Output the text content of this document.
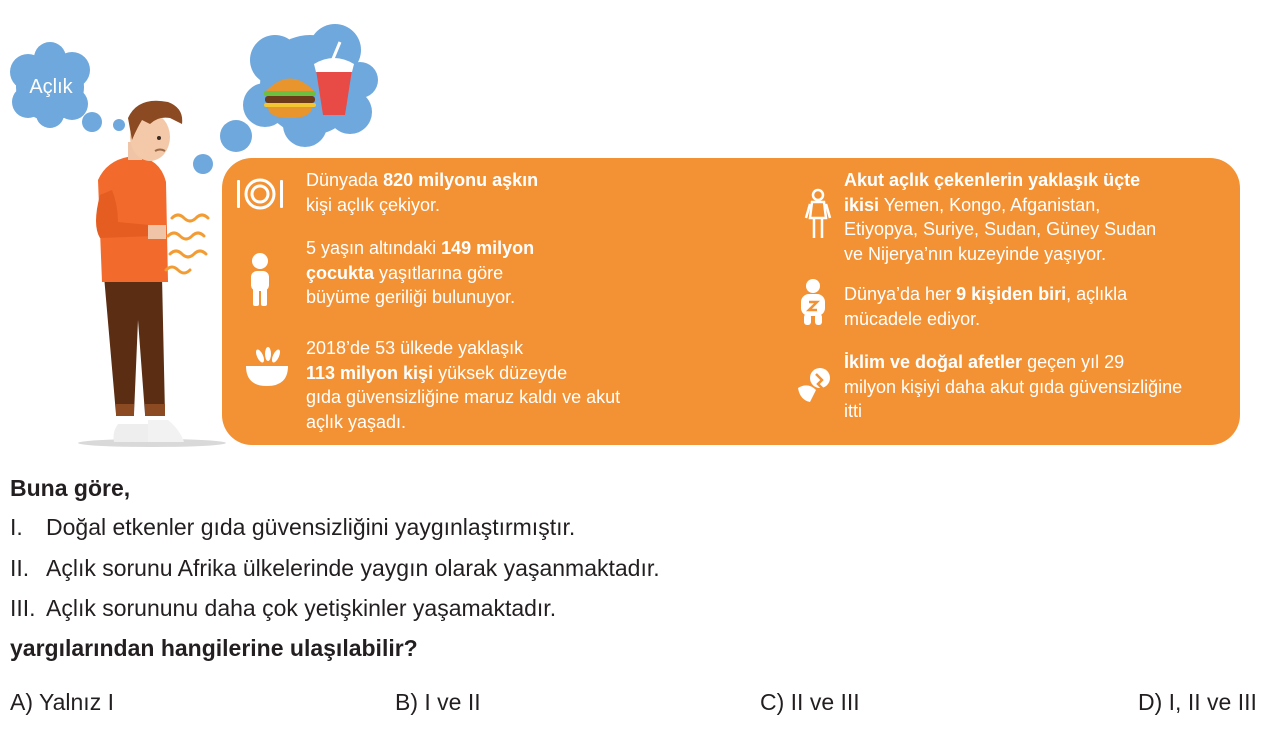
Açlık
Dünyada 820 milyonu aşkın
kişi açlık çekiyor.
5 yaşın altındaki 149 milyon
çocukta yaşıtlarına göre
büyüme geriliği bulunuyor.
2018’de 53 ülkede yaklaşık
113 milyon kişi yüksek düzeyde
gıda güvensizliğine maruz kaldı ve akut
açlık yaşadı.
Akut açlık çekenlerin yaklaşık üçte
ikisi Yemen, Kongo, Afganistan,
Etiyopya, Suriye, Sudan, Güney Sudan
ve Nijerya’nın kuzeyinde yaşıyor.
Dünya’da her 9 kişiden biri, açlıkla
mücadele ediyor.
İklim ve doğal afetler geçen yıl 29
milyon kişiyi daha akut gıda güvensizliğine
itti
Buna göre,
I. Doğal etkenler gıda güvensizliğini yaygınlaştırmıştır.
II. Açlık sorunu Afrika ülkelerinde yaygın olarak yaşanmaktadır.
III. Açlık sorununu daha çok yetişkinler yaşamaktadır.
yargılarından hangilerine ulaşılabilir?
A) Yalnız I	B) I ve II	C) II ve III	D) I, II ve III
